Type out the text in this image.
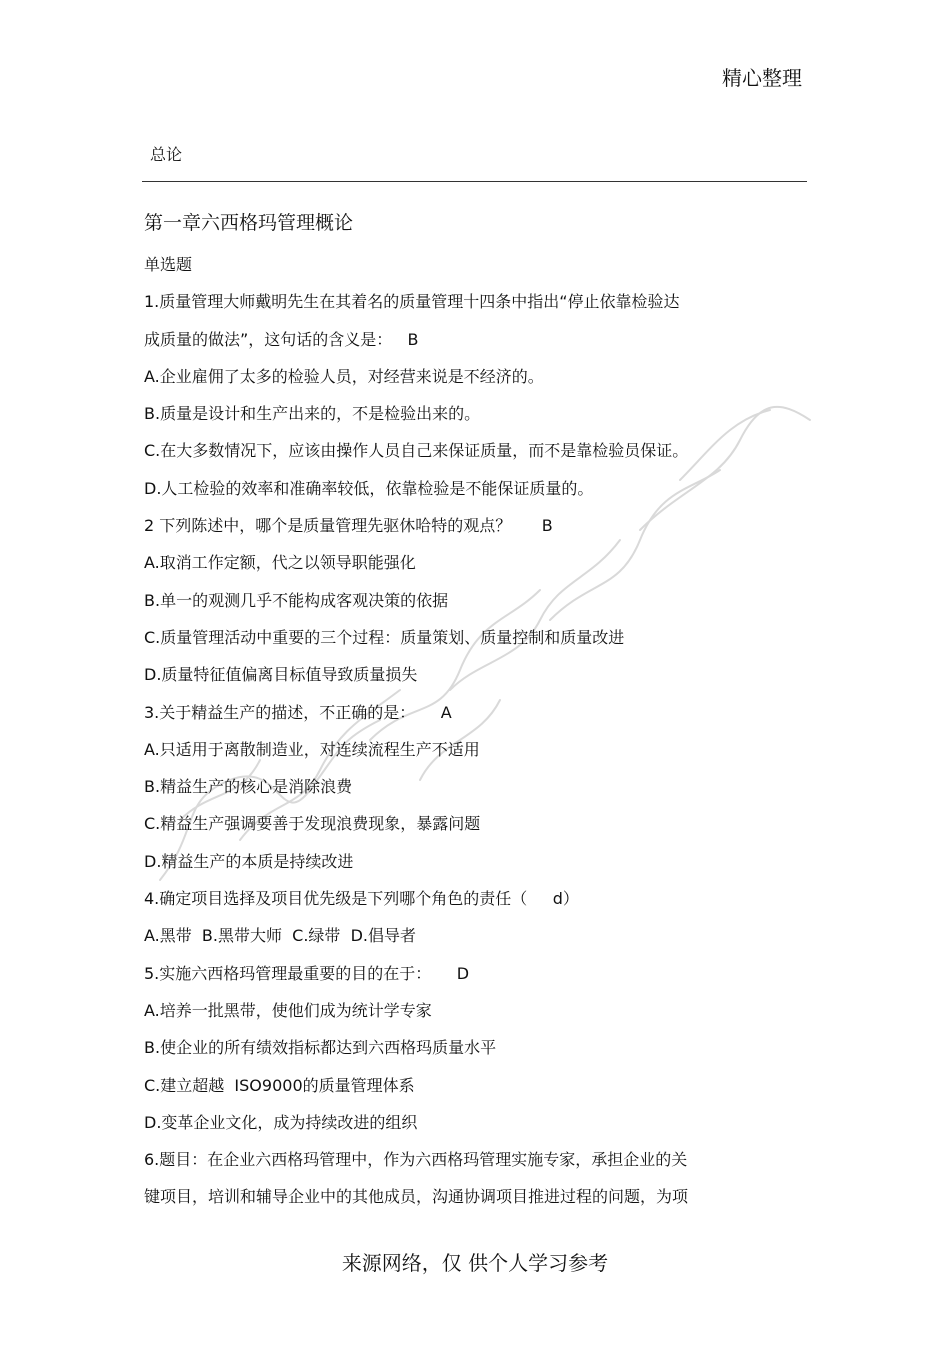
精心整理
总论
第一章六西格玛管理概论
单选题
1.质量管理大师戴明先生在其着名的质量管理十四条中指出“停止依靠检验达
成质量的做法”，这句话的含义是：   B
A.企业雇佣了太多的检验人员，对经营来说是不经济的。
B.质量是设计和生产出来的，不是检验出来的。
C.在大多数情况下，应该由操作人员自己来保证质量，而不是靠检验员保证。
D.人工检验的效率和准确率较低，依靠检验是不能保证质量的。
2 下列陈述中，哪个是质量管理先驱休哈特的观点？      B
A.取消工作定额，代之以领导职能强化
B.单一的观测几乎不能构成客观决策的依据
C.质量管理活动中重要的三个过程：质量策划、质量控制和质量改进
D.质量特征值偏离目标值导致质量损失
3.关于精益生产的描述，不正确的是：     A
A.只适用于离散制造业，对连续流程生产不适用
B.精益生产的核心是消除浪费
C.精益生产强调要善于发现浪费现象，暴露问题
D.精益生产的本质是持续改进
4.确定项目选择及项目优先级是下列哪个角色的责任（     d）
A.黑带  B.黑带大师  C.绿带  D.倡导者
5.实施六西格玛管理最重要的目的在于：     D
A.培养一批黑带，使他们成为统计学专家
B.使企业的所有绩效指标都达到六西格玛质量水平
C.建立超越  ISO9000的质量管理体系
D.变革企业文化，成为持续改进的组织
6.题目：在企业六西格玛管理中，作为六西格玛管理实施专家，承担企业的关
键项目，培训和辅导企业中的其他成员，沟通协调项目推进过程的问题，为项
来源网络，仅 供个人学习参考
